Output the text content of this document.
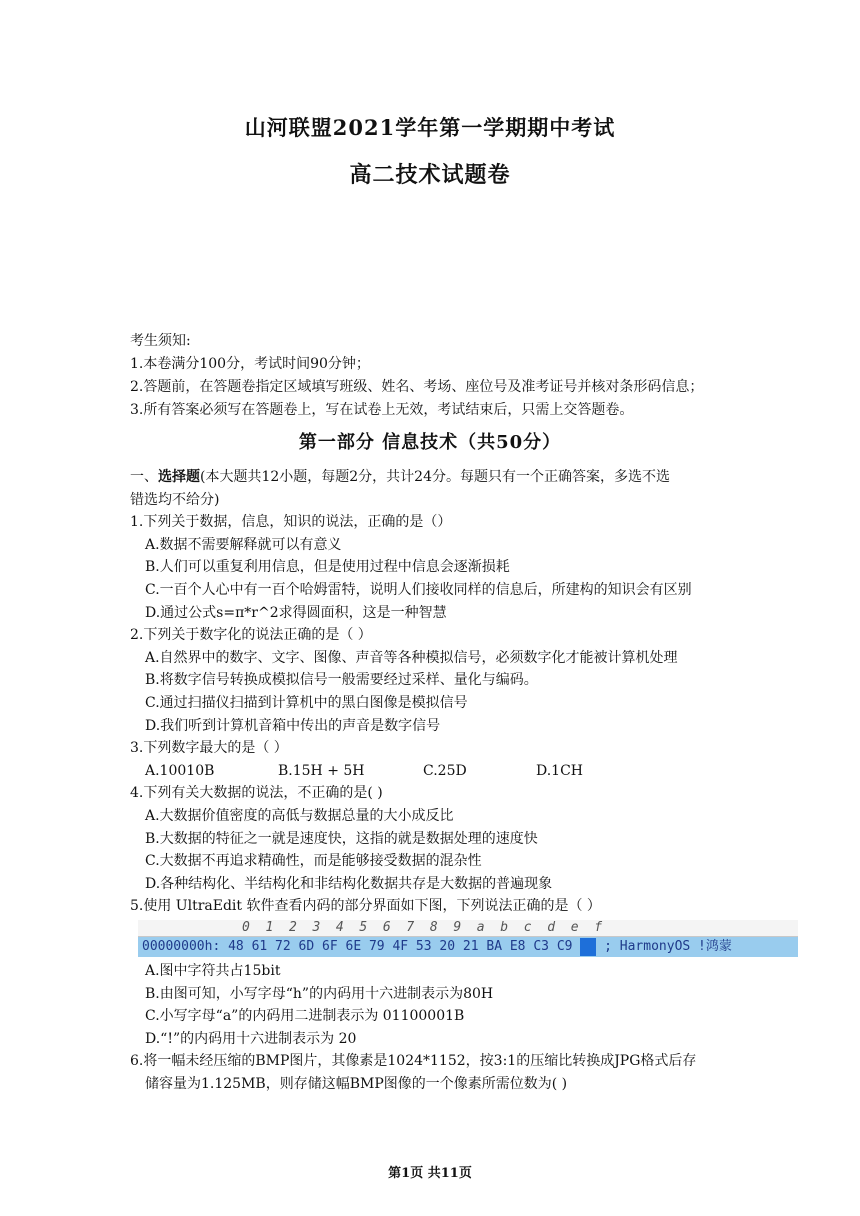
山河联盟2021学年第一学期期中考试
高二技术试题卷
考生须知:
1.本卷满分100分，考试时间90分钟；
2.答题前，在答题卷指定区域填写班级、姓名、考场、座位号及准考证号并核对条形码信息；
3.所有答案必须写在答题卷上，写在试卷上无效，考试结束后，只需上交答题卷。
第一部分 信息技术（共50分）
一、选择题(本大题共12小题，每题2分，共计24分。每题只有一个正确答案，多选不选
错选均不给分)
1.下列关于数据，信息，知识的说法，正确的是（）
A.数据不需要解释就可以有意义
B.人们可以重复利用信息，但是使用过程中信息会逐渐损耗
C.一百个人心中有一百个哈姆雷特，说明人们接收同样的信息后，所建构的知识会有区别
D.通过公式s=π*r^2求得圆面积，这是一种智慧
2.下列关于数字化的说法正确的是（ ）
A.自然界中的数字、文字、图像、声音等各种模拟信号，必须数字化才能被计算机处理
B.将数字信号转换成模拟信号一般需要经过采样、量化与编码。
C.通过扫描仪扫描到计算机中的黑白图像是模拟信号
D.我们听到计算机音箱中传出的声音是数字信号
3.下列数字最大的是（ ）
A.10010B	B.15H + 5H	C.25D	D.1CH
4.下列有关大数据的说法，不正确的是( )
A.大数据价值密度的高低与数据总量的大小成反比
B.大数据的特征之一就是速度快，这指的就是数据处理的速度快
C.大数据不再追求精确性，而是能够接受数据的混杂性
D.各种结构化、半结构化和非结构化数据共存是大数据的普遍现象
5.使用 UltraEdit 软件查看内码的部分界面如下图，下列说法正确的是（ ）
0  1  2  3  4  5  6  7  8  9  a  b  c  d  e  f
00000000h: 48 61 72 6D 6F 6E 79 4F 53 20 21 BA E8 C3 C9  ; HarmonyOS !鸿蒙
A.图中字符共占15bit
B.由图可知，小写字母“h”的内码用十六进制表示为80H
C.小写字母“a”的内码用二进制表示为 01100001B
D.“!”的内码用十六进制表示为 20
6.将一幅未经压缩的BMP图片，其像素是1024*1152，按3:1的压缩比转换成JPG格式后存
储容量为1.125MB，则存储这幅BMP图像的一个像素所需位数为( )
第1页 共11页
